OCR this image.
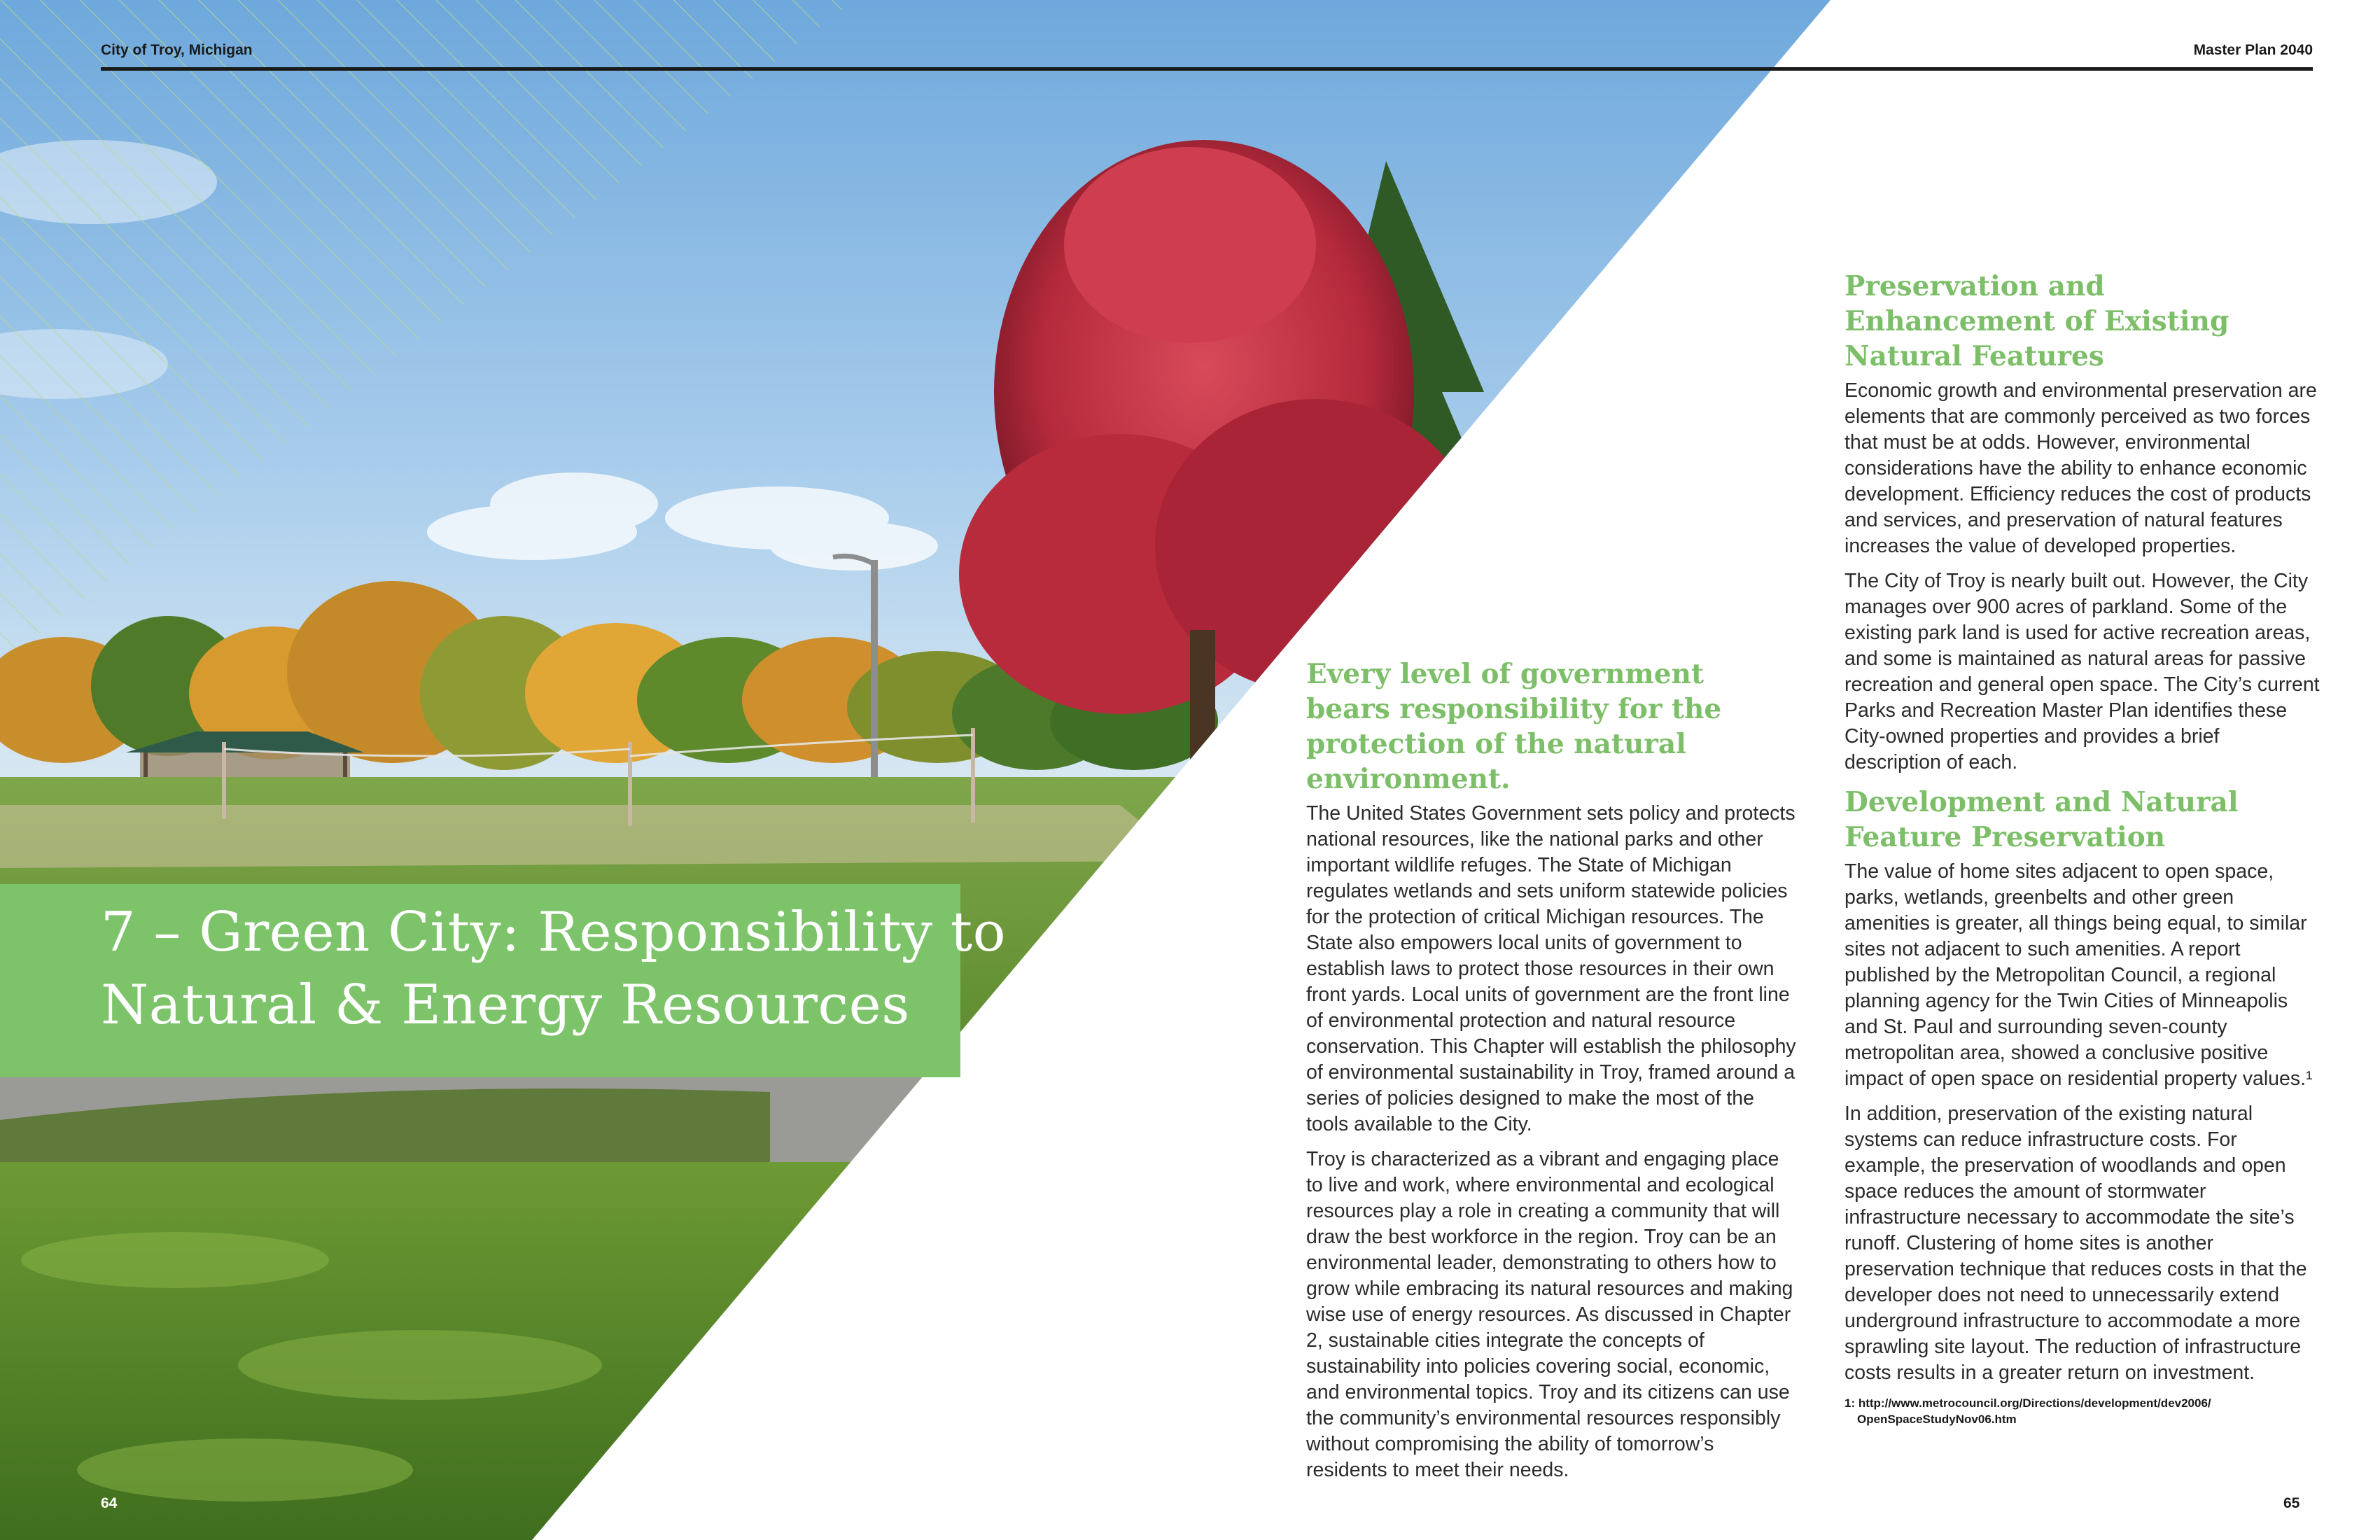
City of Troy, Michigan	Master Plan 2040
7 – Green City: Responsibility to
Natural & Energy Resources
Every level of government bears responsibility for the protection of the natural environment.

The United States Government sets policy and protects national resources, like the national parks and other important wildlife refuges. The State of Michigan regulates wetlands and sets uniform statewide policies for the protection of critical Michigan resources. The State also empowers local units of government to establish laws to protect those resources in their own front yards. Local units of government are the front line of environmental protection and natural resource conservation. This Chapter will establish the philosophy of environmental sustainability in Troy, framed around a series of policies designed to make the most of the tools available to the City.

Troy is characterized as a vibrant and engaging place to live and work, where environmental and ecological resources play a role in creating a community that will draw the best workforce in the region. Troy can be an environmental leader, demonstrating to others how to grow while embracing its natural resources and making wise use of energy resources. As discussed in Chapter 2, sustainable cities integrate the concepts of sustainability into policies covering social, economic, and environmental topics. Troy and its citizens can use the community’s environmental resources responsibly without compromising the ability of tomorrow’s residents to meet their needs.

Preservation and Enhancement of Existing Natural Features

Economic growth and environmental preservation are elements that are commonly perceived as two forces that must be at odds. However, environmental considerations have the ability to enhance economic development. Efficiency reduces the cost of products and services, and preservation of natural features increases the value of developed properties.

The City of Troy is nearly built out. However, the City manages over 900 acres of parkland. Some of the existing park land is used for active recreation areas, and some is maintained as natural areas for passive recreation and general open space. The City’s current Parks and Recreation Master Plan identifies these City-owned properties and provides a brief description of each.

Development and Natural Feature Preservation

The value of home sites adjacent to open space, parks, wetlands, greenbelts and other green amenities is greater, all things being equal, to similar sites not adjacent to such amenities. A report published by the Metropolitan Council, a regional planning agency for the Twin Cities of Minneapolis and St. Paul and surrounding seven-county metropolitan area, showed a conclusive positive impact of open space on residential property values.¹

In addition, preservation of the existing natural systems can reduce infrastructure costs. For example, the preservation of woodlands and open space reduces the amount of stormwater infrastructure necessary to accommodate the site’s runoff. Clustering of home sites is another preservation technique that reduces costs in that the developer does not need to unnecessarily extend underground infrastructure to accommodate a more sprawling site layout. The reduction of infrastructure costs results in a greater return on investment.

1: http://www.metrocouncil.org/Directions/development/dev2006/
OpenSpaceStudyNov06.htm
64	65
